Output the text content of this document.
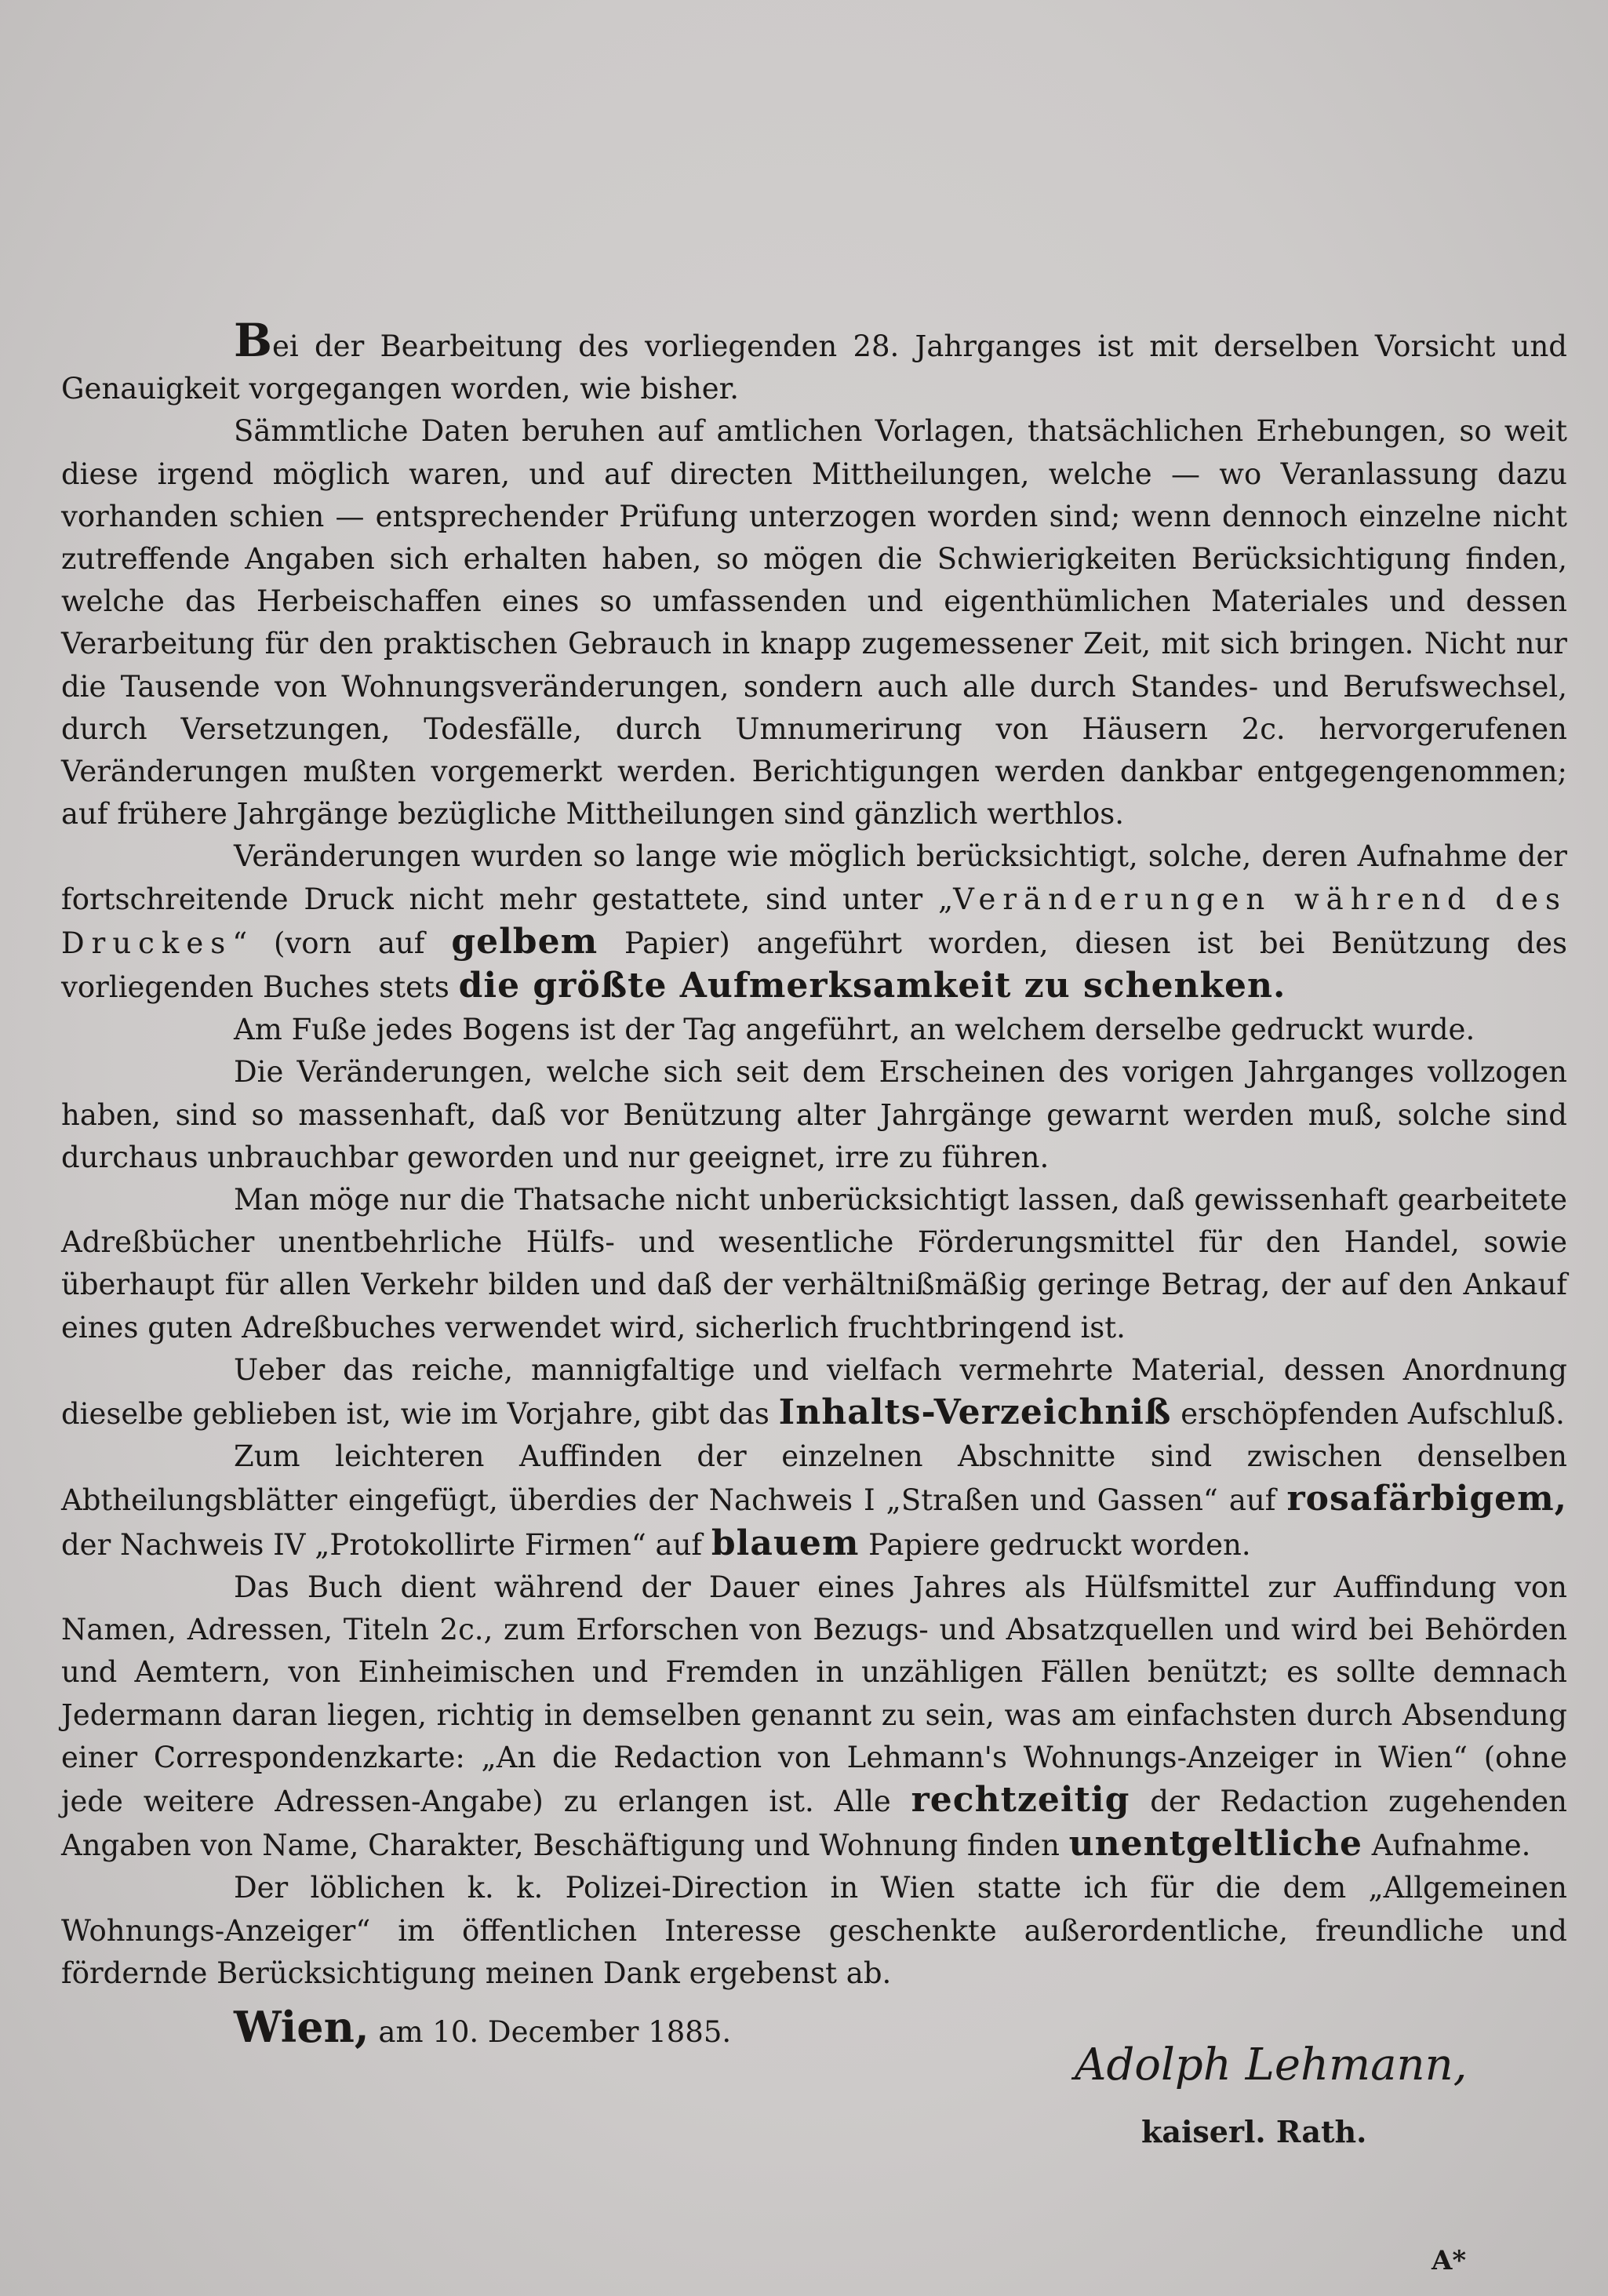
Bei der Bearbeitung des vorliegenden 28. Jahrganges ist mit derselben Vorsicht und Genauigkeit vorgegangen worden, wie bisher.

Sämmtliche Daten beruhen auf amtlichen Vorlagen, thatsächlichen Erhebungen, so weit diese irgend möglich waren, und auf directen Mittheilungen, welche — wo Veranlassung dazu vorhanden schien — entsprechender Prüfung unterzogen worden sind; wenn dennoch einzelne nicht zutreffende Angaben sich erhalten haben, so mögen die Schwierigkeiten Berücksichtigung finden, welche das Herbeischaffen eines so umfassenden und eigenthümlichen Materiales und dessen Verarbeitung für den praktischen Gebrauch in knapp zugemessener Zeit, mit sich bringen. Nicht nur die Tausende von Wohnungsveränderungen, sondern auch alle durch Standes- und Berufswechsel, durch Versetzungen, Todesfälle, durch Umnumerirung von Häusern 2c. hervorgerufenen Veränderungen mußten vorgemerkt werden. Berichtigungen werden dankbar entgegengenommen; auf frühere Jahrgänge bezügliche Mittheilungen sind gänzlich werthlos.

Veränderungen wurden so lange wie möglich berücksichtigt, solche, deren Aufnahme der fortschreitende Druck nicht mehr gestattete, sind unter „Veränderungen während des Druckes“ (vorn auf gelbem Papier) angeführt worden, diesen ist bei Benützung des vorliegenden Buches stets die größte Aufmerksamkeit zu schenken.

Am Fuße jedes Bogens ist der Tag angeführt, an welchem derselbe gedruckt wurde.

Die Veränderungen, welche sich seit dem Erscheinen des vorigen Jahrganges vollzogen haben, sind so massenhaft, daß vor Benützung alter Jahrgänge gewarnt werden muß, solche sind durchaus unbrauchbar geworden und nur geeignet, irre zu führen.

Man möge nur die Thatsache nicht unberücksichtigt lassen, daß gewissenhaft gearbeitete Adreßbücher unentbehrliche Hülfs- und wesentliche Förderungsmittel für den Handel, sowie überhaupt für allen Verkehr bilden und daß der verhältnißmäßig geringe Betrag, der auf den Ankauf eines guten Adreßbuches verwendet wird, sicherlich fruchtbringend ist.

Ueber das reiche, mannigfaltige und vielfach vermehrte Material, dessen Anordnung dieselbe geblieben ist, wie im Vorjahre, gibt das Inhalts-Verzeichniß erschöpfenden Aufschluß.

Zum leichteren Auffinden der einzelnen Abschnitte sind zwischen denselben Abtheilungsblätter eingefügt, überdies der Nachweis I „Straßen und Gassen“ auf rosafärbigem, der Nachweis IV „Protokollirte Firmen“ auf blauem Papiere gedruckt worden.

Das Buch dient während der Dauer eines Jahres als Hülfsmittel zur Auffindung von Namen, Adressen, Titeln 2c., zum Erforschen von Bezugs- und Absatzquellen und wird bei Behörden und Aemtern, von Einheimischen und Fremden in unzähligen Fällen benützt; es sollte demnach Jedermann daran liegen, richtig in demselben genannt zu sein, was am einfachsten durch Absendung einer Correspondenzkarte: „An die Redaction von Lehmann's Wohnungs-Anzeiger in Wien“ (ohne jede weitere Adressen-Angabe) zu erlangen ist. Alle rechtzeitig der Redaction zugehenden Angaben von Name, Charakter, Beschäftigung und Wohnung finden unentgeltliche Aufnahme.

Der löblichen k. k. Polizei-Direction in Wien statte ich für die dem „Allgemeinen Wohnungs-Anzeiger“ im öffentlichen Interesse geschenkte außerordentliche, freundliche und fördernde Berücksichtigung meinen Dank ergebenst ab.

Wien, am 10. December 1885.

Adolph Lehmann,
kaiserl. Rath.
A*
